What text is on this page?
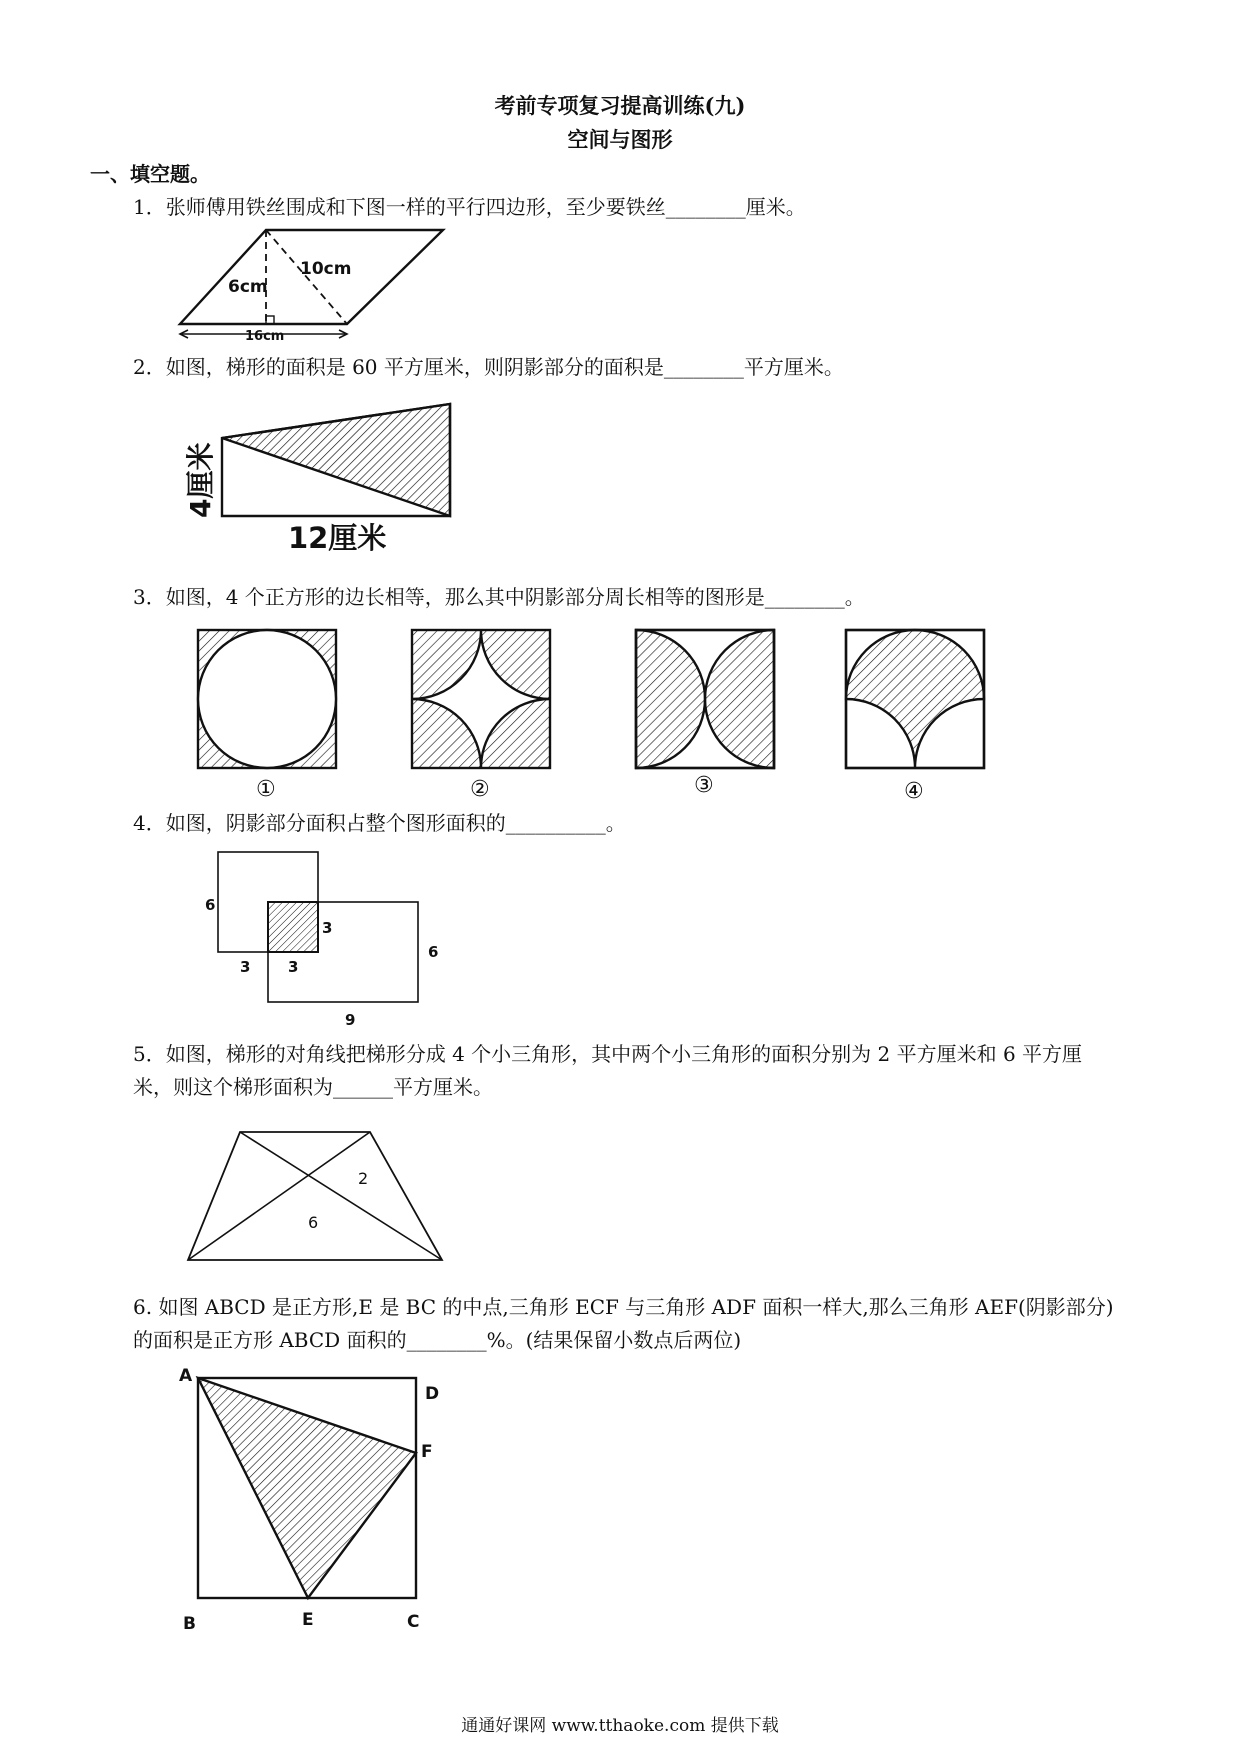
考前专项复习提高训练(九)
空间与图形
一、填空题。
1．张师傅用铁丝围成和下图一样的平行四边形，至少要铁丝________厘米。
6cm
10cm
16cm
2．如图，梯形的面积是 60 平方厘米，则阴影部分的面积是________平方厘米。
4厘米
12厘米
3．如图，4 个正方形的边长相等，那么其中阴影部分周长相等的图形是________。
①	②	③	④
4．如图，阴影部分面积占整个图形面积的__________。
6
3
3	3
6
9
5．如图，梯形的对角线把梯形分成 4 个小三角形，其中两个小三角形的面积分别为 2 平方厘米和 6 平方厘
米，则这个梯形面积为______平方厘米。
2
6
6. 如图 ABCD 是正方形,E 是 BC 的中点,三角形 ECF 与三角形 ADF 面积一样大,那么三角形 AEF(阴影部分)
的面积是正方形 ABCD 面积的________%。(结果保留小数点后两位)
A
D
F
B	E	C
通通好课网 www.tthaoke.com 提供下载
